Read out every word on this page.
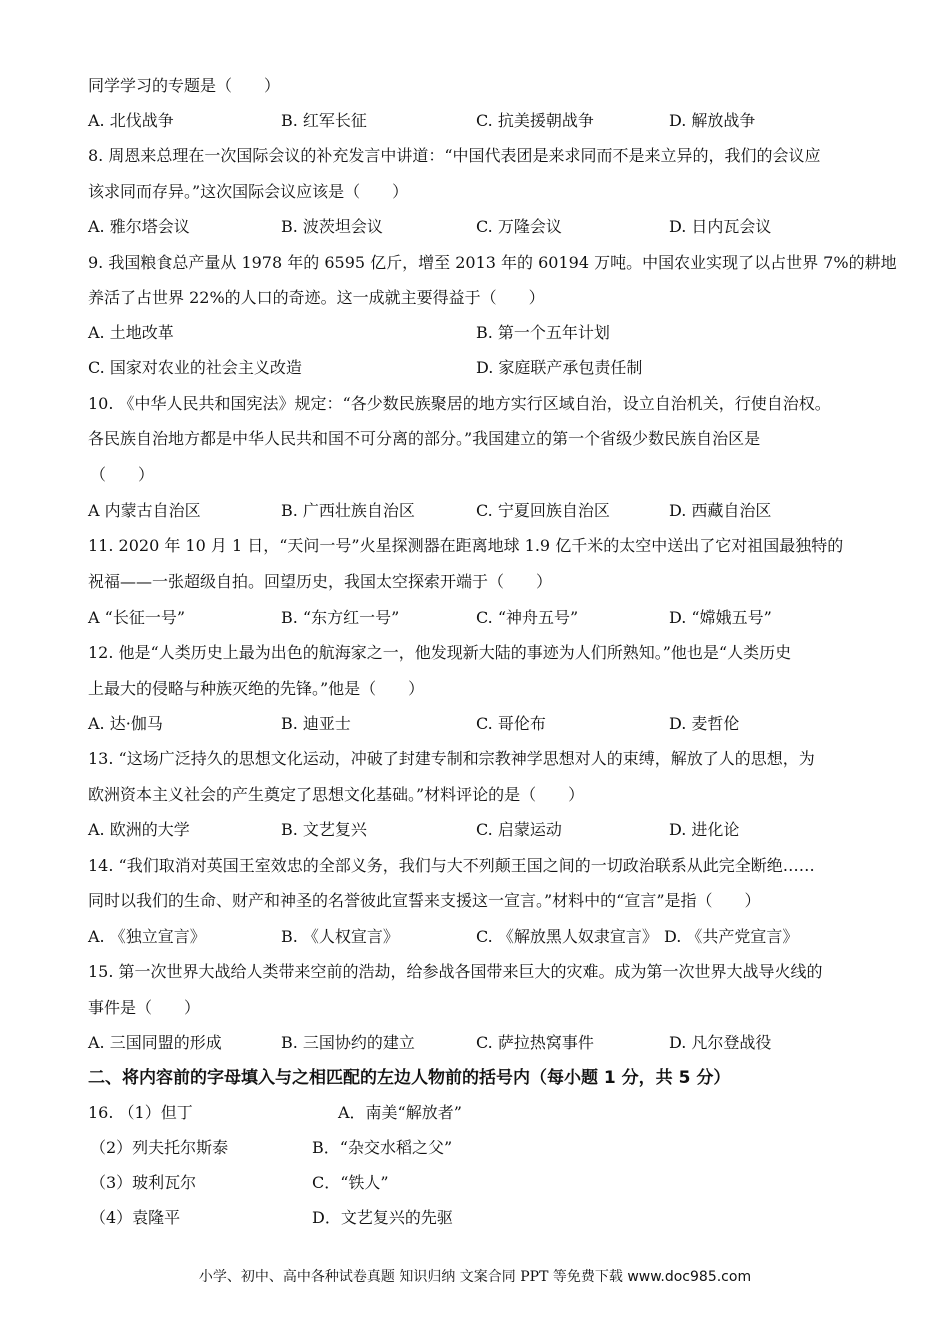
同学学习的专题是（　　）
A. 北伐战争	B. 红军长征	C. 抗美援朝战争	D. 解放战争
8. 周恩来总理在一次国际会议的补充发言中讲道：“中国代表团是来求同而不是来立异的，我们的会议应
该求同而存异。”这次国际会议应该是（　　）
A. 雅尔塔会议	B. 波茨坦会议	C. 万隆会议	D. 日内瓦会议
9. 我国粮食总产量从 1978 年的 6595 亿斤，增至 2013 年的 60194 万吨。中国农业实现了以占世界 7%的耕地
养活了占世界 22%的人口的奇迹。这一成就主要得益于（　　）
A. 土地改革	B. 第一个五年计划
C. 国家对农业的社会主义改造	D. 家庭联产承包责任制
10. 《中华人民共和国宪法》规定：“各少数民族聚居的地方实行区域自治，设立自治机关，行使自治权。
各民族自治地方都是中华人民共和国不可分离的部分。”我国建立的第一个省级少数民族自治区是
（　　）
A 内蒙古自治区	B. 广西壮族自治区	C. 宁夏回族自治区	D. 西藏自治区
11. 2020 年 10 月 1 日，“天问一号”火星探测器在距离地球 1.9 亿千米的太空中送出了它对祖国最独特的
祝福——一张超级自拍。回望历史，我国太空探索开端于（　　）
A “长征一号”	B. “东方红一号”	C. “神舟五号”	D. “嫦娥五号”
12. 他是“人类历史上最为出色的航海家之一，他发现新大陆的事迹为人们所熟知。”他也是“人类历史
上最大的侵略与种族灭绝的先锋。”他是（　　）
A. 达·伽马	B. 迪亚士	C. 哥伦布	D. 麦哲伦
13. “这场广泛持久的思想文化运动，冲破了封建专制和宗教神学思想对人的束缚，解放了人的思想，为
欧洲资本主义社会的产生奠定了思想文化基础。”材料评论的是（　　）
A. 欧洲的大学	B. 文艺复兴	C. 启蒙运动	D. 进化论
14. “我们取消对英国王室效忠的全部义务，我们与大不列颠王国之间的一切政治联系从此完全断绝……
同时以我们的生命、财产和神圣的名誉彼此宣誓来支援这一宣言。”材料中的“宣言”是指（　　）
A. 《独立宣言》	B. 《人权宣言》	C. 《解放黑人奴隶宣言》 D. 《共产党宣言》
15. 第一次世界大战给人类带来空前的浩劫，给参战各国带来巨大的灾难。成为第一次世界大战导火线的
事件是（　　）
A. 三国同盟的形成	B. 三国协约的建立	C. 萨拉热窝事件	D. 凡尔登战役
二、将内容前的字母填入与之相匹配的左边人物前的括号内（每小题 1 分，共 5 分）
16. （1）但丁	A．南美“解放者”
（2）列夫托尔斯泰	B．“杂交水稻之父”
（3）玻利瓦尔	C．“铁人”
（4）袁隆平	D．文艺复兴的先驱
小学、初中、高中各种试卷真题 知识归纳 文案合同 PPT 等免费下载 www.doc985.com
